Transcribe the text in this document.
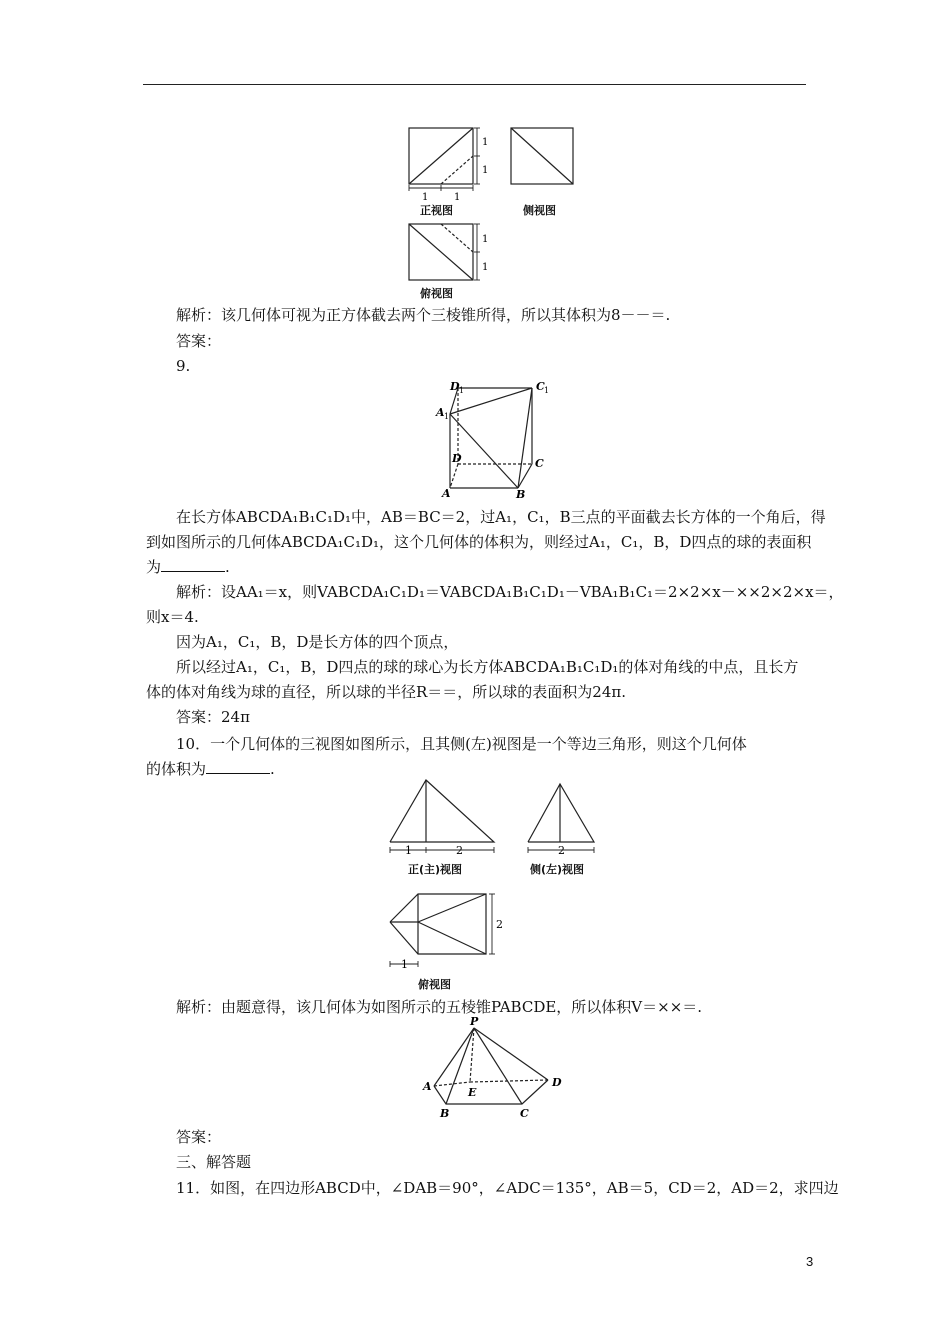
1
1
1	1
1
1
正视图	侧视图
俯视图
解析：该几何体可视为正方体截去两个三棱锥所得，所以其体积为8－－＝.
答案：
9.
D 1	C 1
A 1
D	C
A	B
在长方体ABCDA₁B₁C₁D₁中，AB＝BC＝2，过A₁，C₁，B三点的平面截去长方体的一个角后，得
到如图所示的几何体ABCDA₁C₁D₁，这个几何体的体积为，则经过A₁，C₁，B，D四点的球的表面积
为	.
解析：设AA₁＝x，则VABCDA₁C₁D₁＝VABCDA₁B₁C₁D₁－VBA₁B₁C₁＝2×2×x－××2×2×x＝，
则x＝4.
因为A₁，C₁，B，D是长方体的四个顶点，
所以经过A₁，C₁，B，D四点的球的球心为长方体ABCDA₁B₁C₁D₁的体对角线的中点，且长方
体的体对角线为球的直径，所以球的半径R＝＝，所以球的表面积为24π.
答案：24π
10．一个几何体的三视图如图所示，且其侧(左)视图是一个等边三角形，则这个几何体
的体积为	.
1	2	2
2
1
正(主)视图	侧(左)视图
俯视图
解析：由题意得，该几何体为如图所示的五棱锥PABCDE，所以体积V＝××＝.
P
A
B	C
D
E
答案：
三、解答题
11．如图，在四边形ABCD中，∠DAB＝90°，∠ADC＝135°，AB＝5，CD＝2，AD＝2，求四边
3
